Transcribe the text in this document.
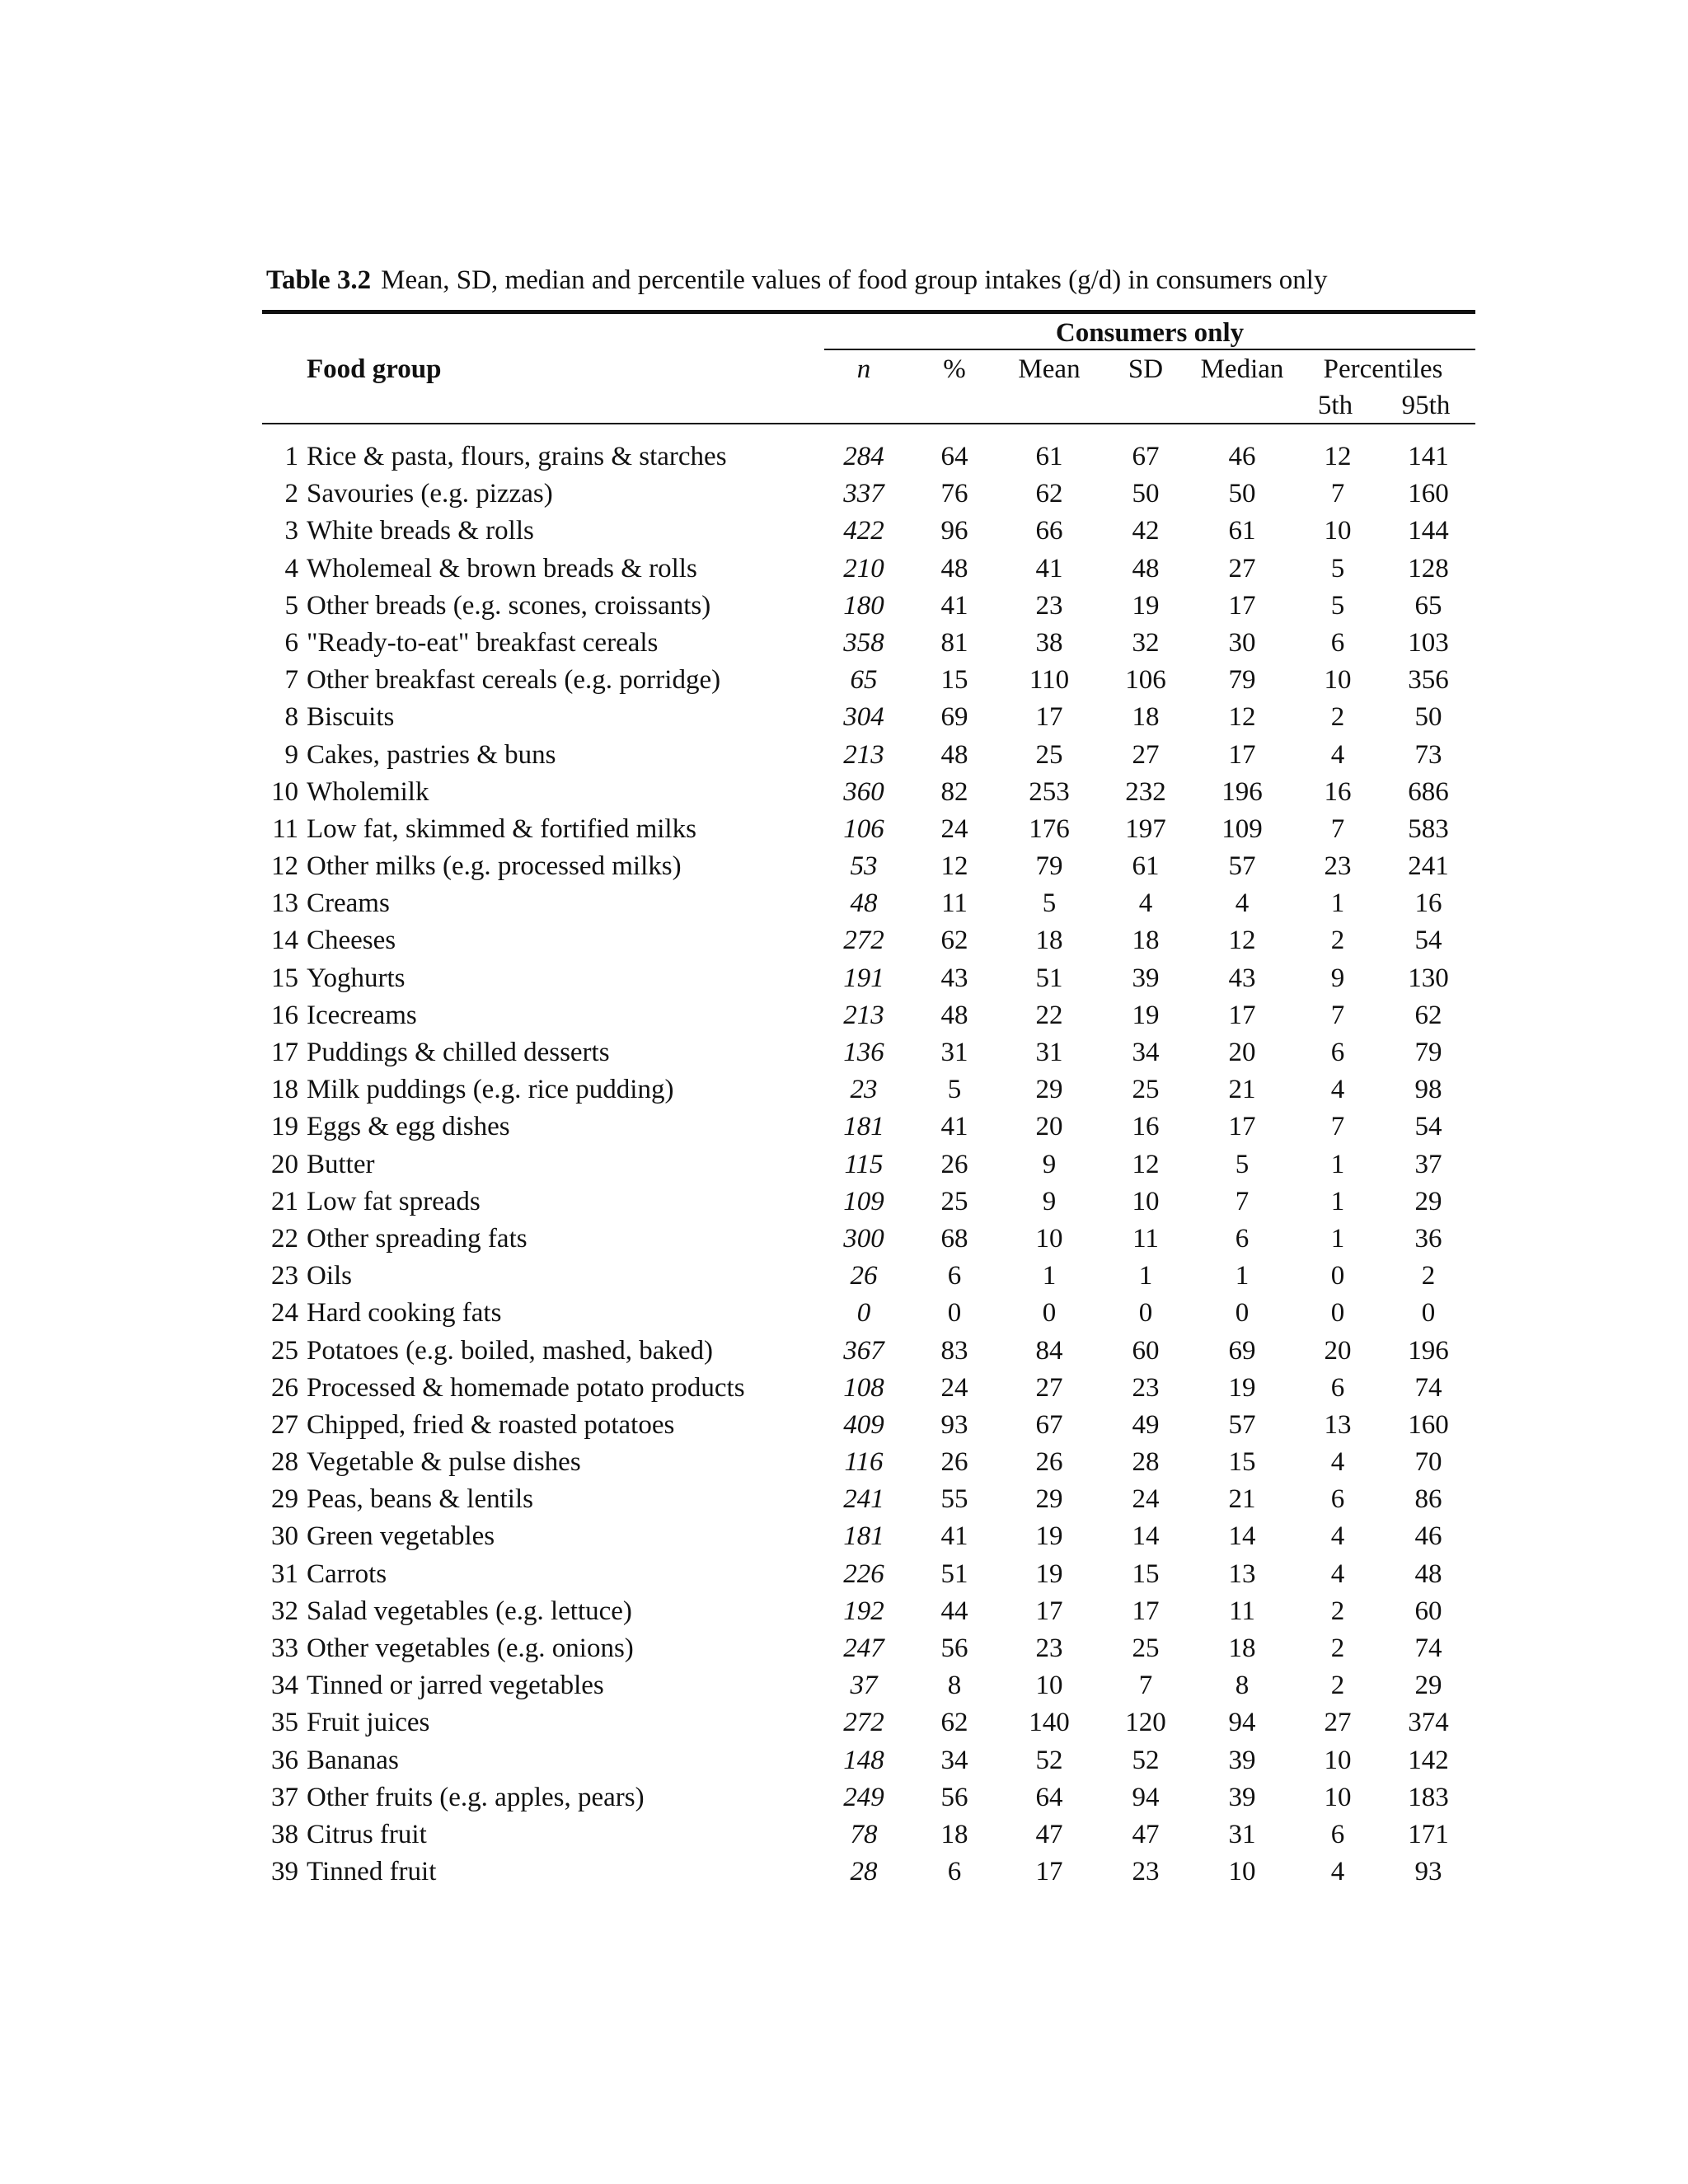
Table 3.2 Mean, SD, median and percentile values of food group intakes (g/d) in consumers only
Consumers only
Food group	n	% Mean SD Median Percentiles
5th 95th
1 Rice & pasta, flours, grains & starches	284 64 61	67	46	12 141
2 Savouries (e.g. pizzas)	337 76 62	50	50	7 160
3 White breads & rolls	422 96 66	42	61	10 144
4 Wholemeal & brown breads & rolls	210 48 41	48	27	5 128
5 Other breads (e.g. scones, croissants)	180 41 23	19	17	5	65
6 "Ready-to-eat" breakfast cereals	358 81 38	32	30	6 103
7 Other breakfast cereals (e.g. porridge)	65 15 110 106 79	10 356
8 Biscuits	304 69 17	18	12	2	50
9 Cakes, pastries & buns	213 48 25	27	17	4	73
10 Wholemilk	360 82 253 232 196 16 686
11 Low fat, skimmed & fortified milks	106 24 176 197 109	7 583
12 Other milks (e.g. processed milks)	53 12 79	61	57	23 241
13 Creams	48 11	5	4	4	1	16
14 Cheeses	272 62 18	18	12	2	54
15 Yoghurts	191 43 51	39	43	9 130
16 Icecreams	213 48 22	19	17	7	62
17 Puddings & chilled desserts	136 31 31	34	20	6	79
18 Milk puddings (e.g. rice pudding)	23	5	29	25	21	4	98
19 Eggs & egg dishes	181 41 20	16	17	7	54
20 Butter	115 26	9	12	5	1	37
21 Low fat spreads	109 25	9	10	7	1	29
22 Other spreading fats	300 68 10	11	6	1	36
23 Oils	26	6	1	1	1	0	2
24 Hard cooking fats	0	0	0	0	0	0	0
25 Potatoes (e.g. boiled, mashed, baked)	367 83 84	60	69	20 196
26 Processed & homemade potato products	108 24 27	23	19	6	74
27 Chipped, fried & roasted potatoes	409 93 67	49	57	13 160
28 Vegetable & pulse dishes	116 26 26	28	15	4	70
29 Peas, beans & lentils	241 55 29	24	21	6	86
30 Green vegetables	181 41 19	14	14	4	46
31 Carrots	226 51 19	15	13	4	48
32 Salad vegetables (e.g. lettuce)	192 44 17	17	11	2	60
33 Other vegetables (e.g. onions)	247 56 23	25	18	2	74
34 Tinned or jarred vegetables	37	8	10	7	8	2	29
35 Fruit juices	272 62 140 120 94	27 374
36 Bananas	148 34 52	52	39	10 142
37 Other fruits (e.g. apples, pears)	249 56 64	94	39	10 183
38 Citrus fruit	78 18 47	47	31	6 171
39 Tinned fruit	28	6	17	23	10	4	93
